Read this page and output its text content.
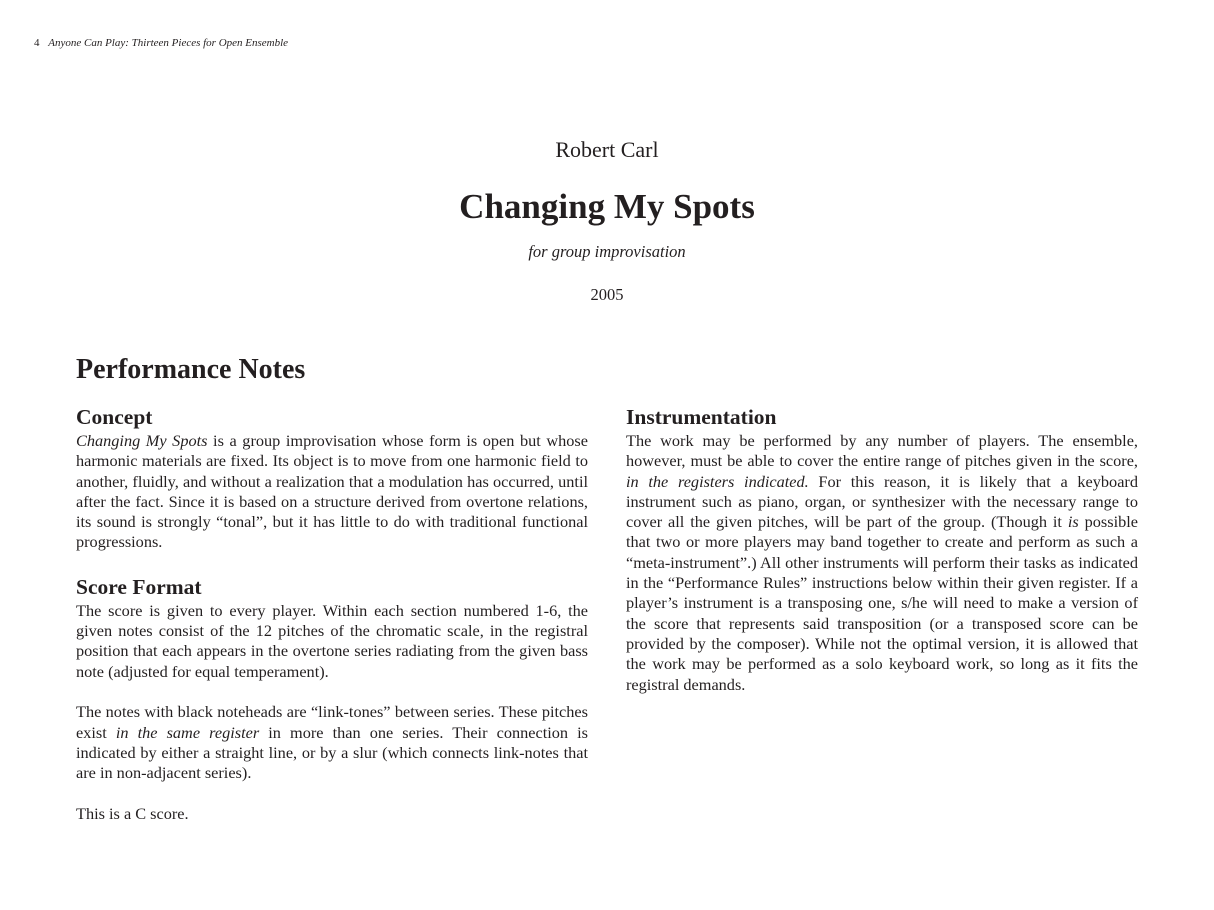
4 Anyone Can Play: Thirteen Pieces for Open Ensemble
Robert Carl
Changing My Spots
for group improvisation
2005
Performance Notes
Concept

Changing My Spots is a group improvisation whose form is open but whose harmonic materials are fixed. Its object is to move from one harmonic field to another, fluidly, and without a realization that a modulation has occurred, until after the fact. Since it is based on a structure derived from overtone relations, its sound is strongly “tonal”, but it has little to do with traditional functional progressions.

Score Format

The score is given to every player. Within each section numbered 1-6, the given notes consist of the 12 pitches of the chromatic scale, in the registral position that each appears in the overtone series radiating from the given bass note (adjusted for equal temperament).

The notes with black noteheads are “link-tones” between series. These pitches exist in the same register in more than one series. Their connection is indicated by either a straight line, or by a slur (which connects link-notes that are in non-adjacent series).

This is a C score.

Instrumentation

The work may be performed by any number of players. The ensemble, however, must be able to cover the entire range of pitches given in the score, in the registers indicated. For this reason, it is likely that a keyboard instrument such as piano, organ, or synthesizer with the necessary range to cover all the given pitches, will be part of the group. (Though it is possible that two or more players may band together to create and perform as such a “meta-instrument”.) All other instruments will perform their tasks as indicated in the “Performance Rules” instructions below within their given register. If a player’s instrument is a transposing one, s/he will need to make a version of the score that represents said transposition (or a transposed score can be provided by the composer). While not the optimal version, it is allowed that the work may be performed as a solo keyboard work, so long as it fits the registral demands.
